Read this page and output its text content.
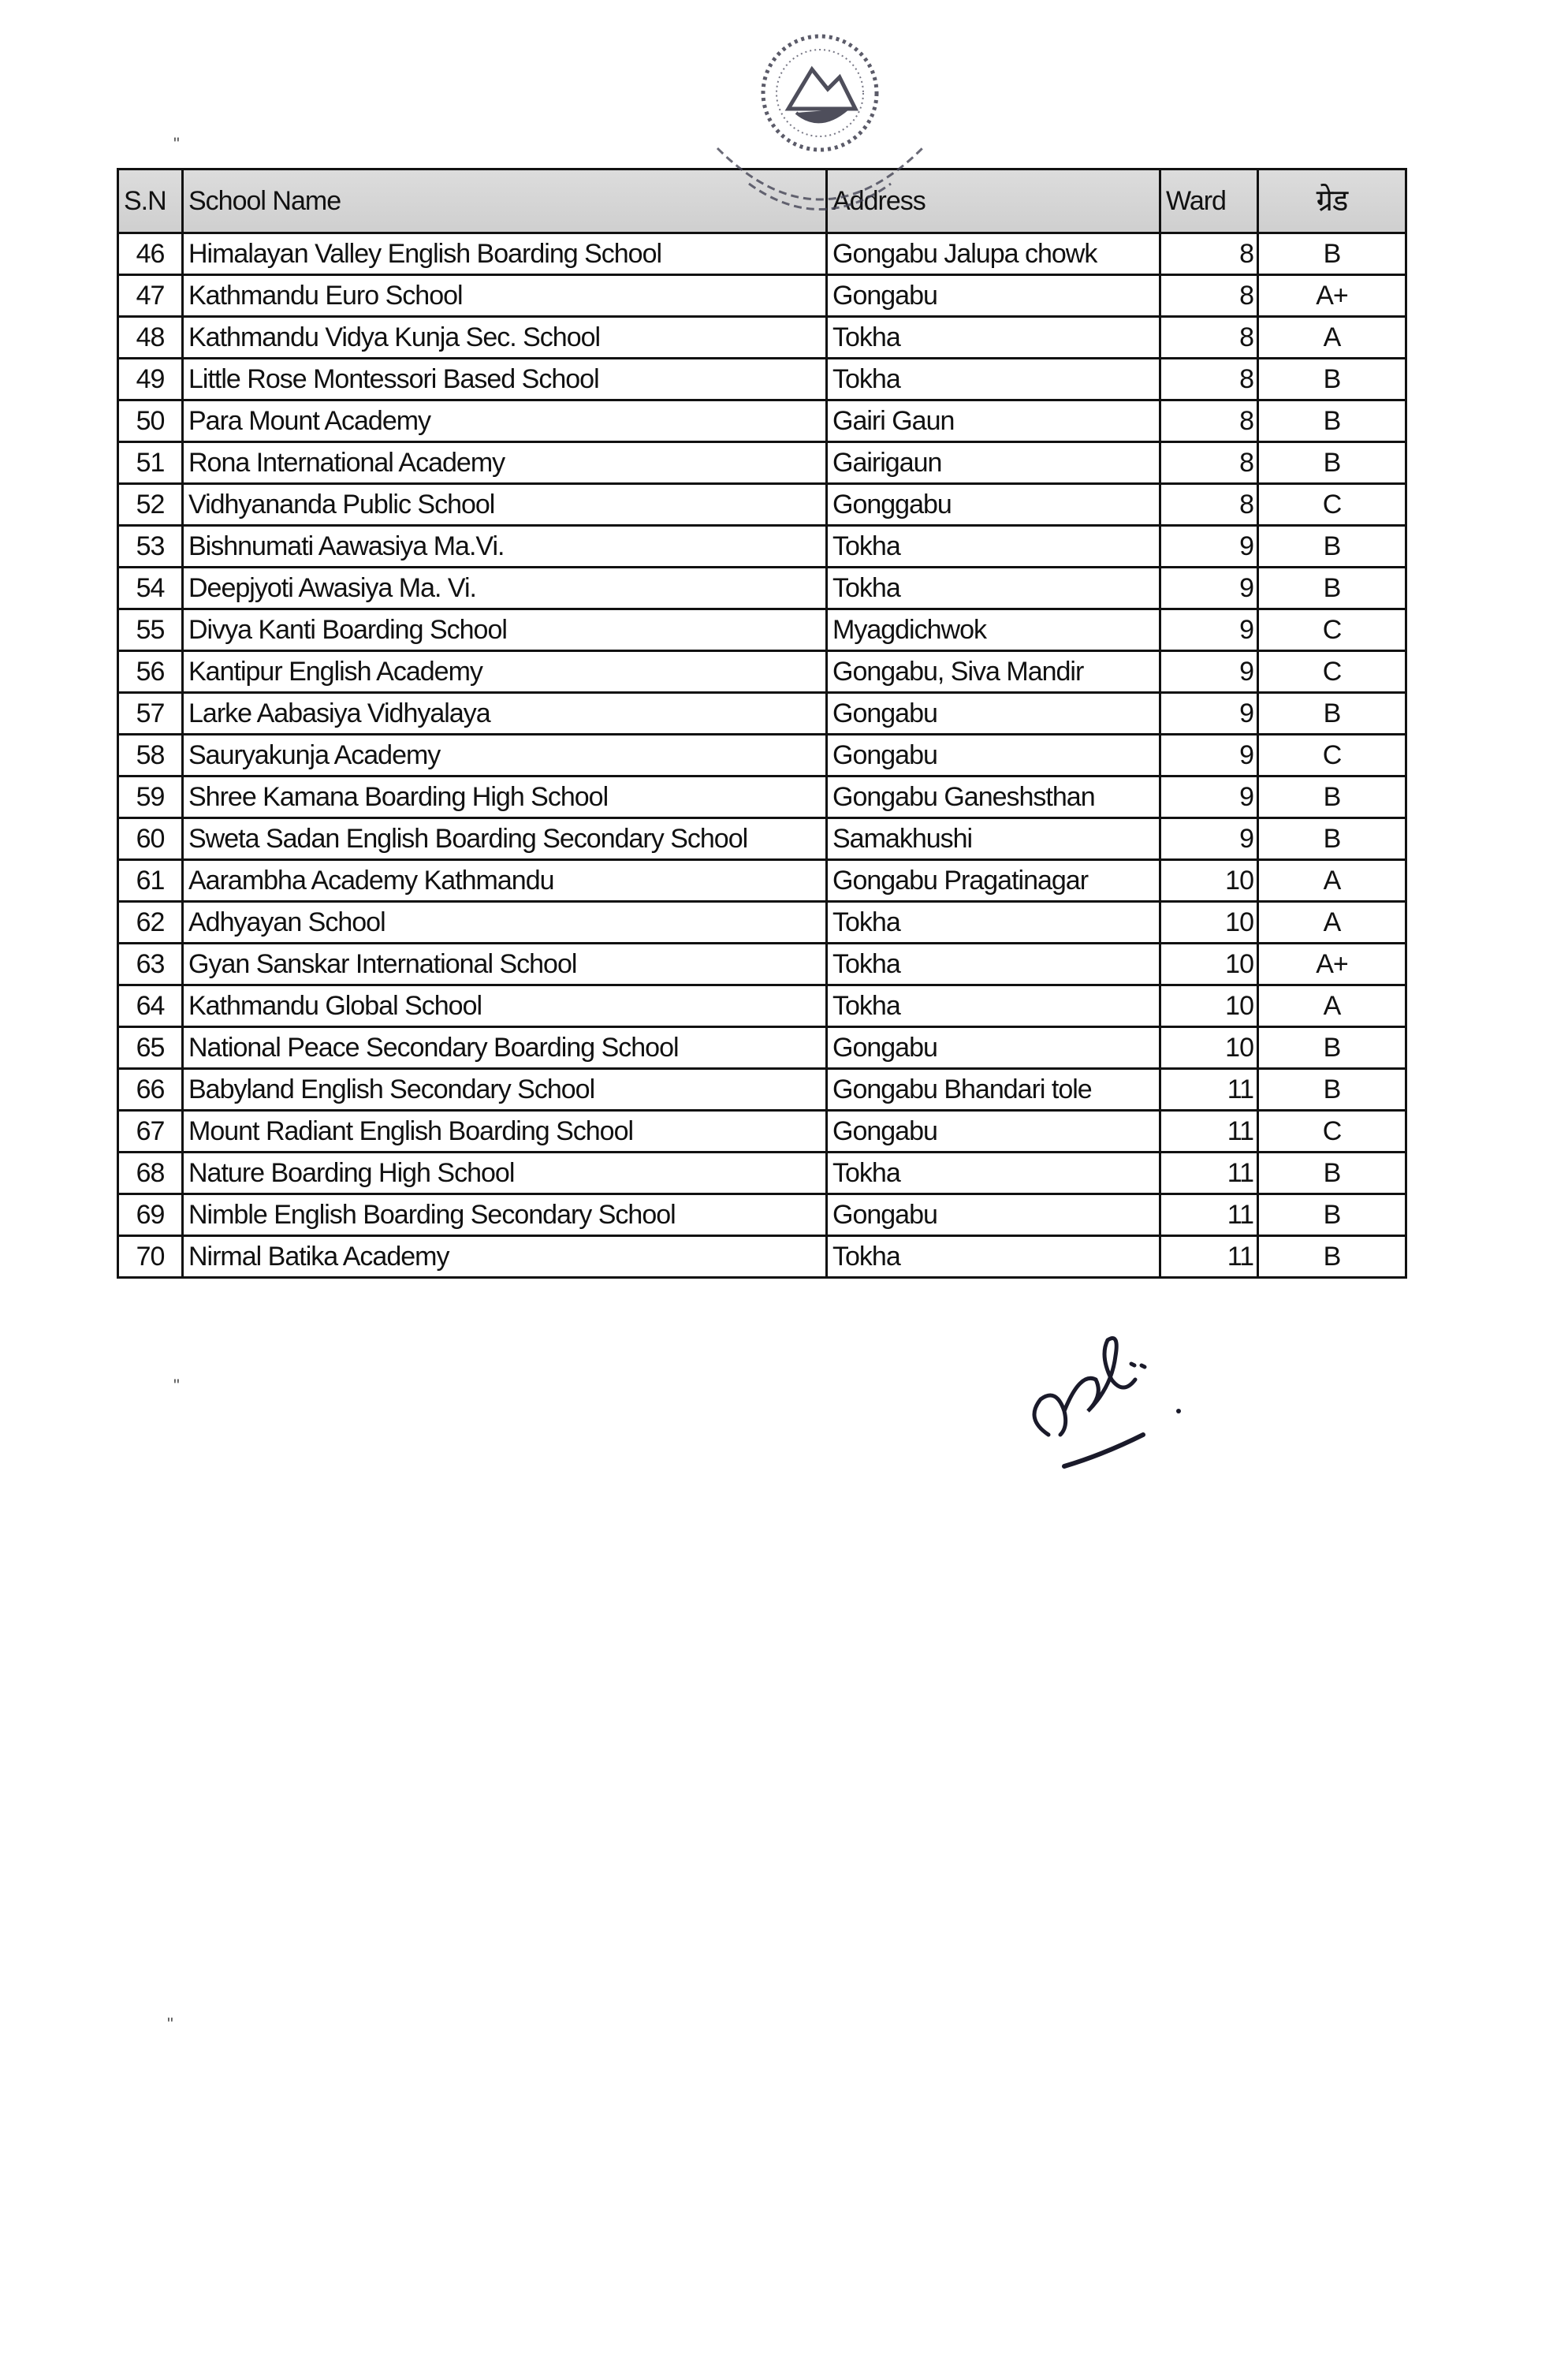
S.N	School Name	Address	Ward	ग्रेड
46	Himalayan Valley English Boarding School	Gongabu Jalupa chowk	8	B
47	Kathmandu Euro School	Gongabu	8	A+
48	Kathmandu Vidya Kunja Sec. School	Tokha	8	A
49	Little Rose Montessori Based School	Tokha	8	B
50	Para Mount Academy	Gairi Gaun	8	B
51	Rona International Academy	Gairigaun	8	B
52	Vidhyananda Public School	Gonggabu	8	C
53	Bishnumati Aawasiya Ma.Vi.	Tokha	9	B
54	Deepjyoti Awasiya Ma. Vi.	Tokha	9	B
55	Divya Kanti Boarding School	Myagdichwok	9	C
56	Kantipur English Academy	Gongabu, Siva Mandir	9	C
57	Larke Aabasiya Vidhyalaya	Gongabu	9	B
58	Sauryakunja Academy	Gongabu	9	C
59	Shree Kamana Boarding High School	Gongabu Ganeshsthan	9	B
60	Sweta Sadan English Boarding Secondary School	Samakhushi	9	B
61	Aarambha Academy Kathmandu	Gongabu Pragatinagar	10	A
62	Adhyayan School	Tokha	10	A
63	Gyan Sanskar International School	Tokha	10	A+
64	Kathmandu Global School	Tokha	10	A
65	National Peace Secondary Boarding School	Gongabu	10	B
66	Babyland English Secondary School	Gongabu Bhandari tole	11	B
67	Mount Radiant English Boarding School	Gongabu	11	C
68	Nature Boarding High School	Tokha	11	B
69	Nimble English Boarding Secondary School	Gongabu	11	B
70	Nirmal Batika Academy	Tokha	11	B
"
"
"
